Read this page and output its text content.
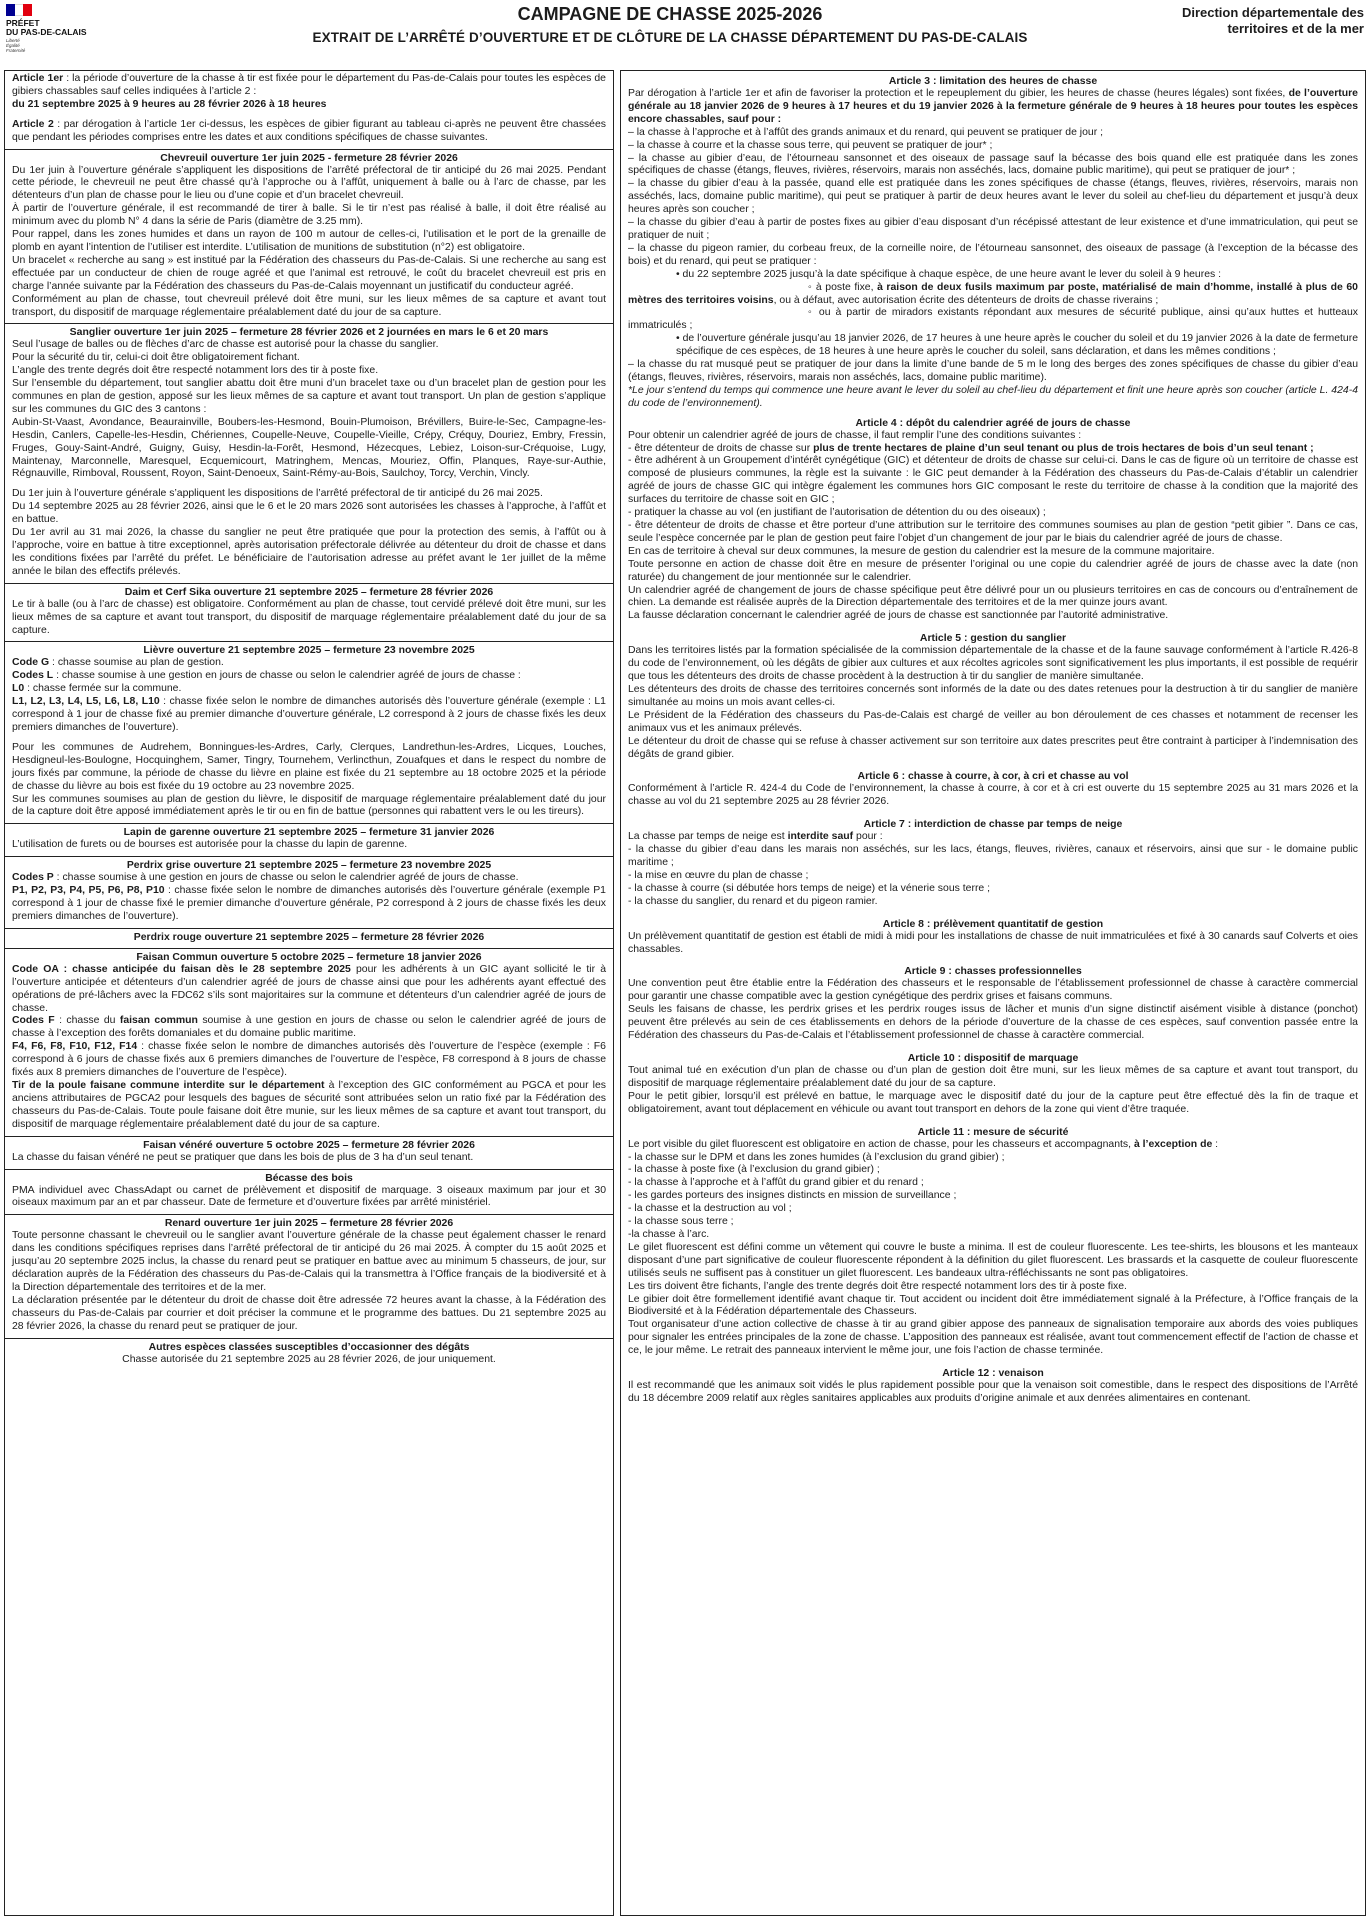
PRÉFET
DU PAS-DE-CALAIS
Liberté
Égalité
Fraternité
CAMPAGNE DE CHASSE 2025-2026
EXTRAIT DE L’ARRÊTÉ D’OUVERTURE ET DE CLÔTURE DE LA CHASSE DÉPARTEMENT DU PAS-DE-CALAIS
Direction départementale des territoires et de la mer

Article 1er : la période d’ouverture de la chasse à tir est fixée pour le département du Pas-de-Calais pour toutes les espèces de gibiers chassables sauf celles indiquées à l’article 2 :
du 21 septembre 2025 à 9 heures au 28 février 2026 à 18 heures

Article 2 : par dérogation à l’article 1er ci-dessus, les espèces de gibier figurant au tableau ci-après ne peuvent être chassées que pendant les périodes comprises entre les dates et aux conditions spécifiques de chasse suivantes.

Chevreuil ouverture 1er juin 2025 - fermeture 28 février 2026

Du 1er juin à l’ouverture générale s’appliquent les dispositions de l’arrêté préfectoral de tir anticipé du 26 mai 2025. Pendant cette période, le chevreuil ne peut être chassé qu’à l’approche ou à l’affût, uniquement à balle ou à l’arc de chasse, par les détenteurs d’un plan de chasse pour le lieu ou d’une copie et d’un bracelet chevreuil.

À partir de l’ouverture générale, il est recommandé de tirer à balle. Si le tir n’est pas réalisé à balle, il doit être réalisé au minimum avec du plomb N° 4 dans la série de Paris (diamètre de 3.25 mm).

Pour rappel, dans les zones humides et dans un rayon de 100 m autour de celles-ci, l’utilisation et le port de la grenaille de plomb en ayant l’intention de l’utiliser est interdite. L’utilisation de munitions de substitution (n°2) est obligatoire.

Un bracelet « recherche au sang » est institué par la Fédération des chasseurs du Pas-de-Calais. Si une recherche au sang est effectuée par un conducteur de chien de rouge agréé et que l’animal est retrouvé, le coût du bracelet chevreuil est pris en charge l’année suivante par la Fédération des chasseurs du Pas-de-Calais moyennant un justificatif du conducteur agréé.

Conformément au plan de chasse, tout chevreuil prélevé doit être muni, sur les lieux mêmes de sa capture et avant tout transport, du dispositif de marquage réglementaire préalablement daté du jour de sa capture.

Sanglier ouverture 1er juin 2025 – fermeture 28 février 2026 et 2 journées en mars le 6 et 20 mars

Seul l’usage de balles ou de flèches d’arc de chasse est autorisé pour la chasse du sanglier.

Pour la sécurité du tir, celui-ci doit être obligatoirement fichant.

L’angle des trente degrés doit être respecté notamment lors des tir à poste fixe.

Sur l’ensemble du département, tout sanglier abattu doit être muni d’un bracelet taxe ou d’un bracelet plan de gestion pour les communes en plan de gestion, apposé sur les lieux mêmes de sa capture et avant tout transport. Un plan de gestion s’applique sur les communes du GIC des 3 cantons :

Aubin-St-Vaast, Avondance, Beaurainville, Boubers-les-Hesmond, Bouin-Plumoison, Brévillers, Buire-le-Sec, Campagne-les-Hesdin, Canlers, Capelle-les-Hesdin, Chériennes, Coupelle-Neuve, Coupelle-Vieille, Crépy, Créquy, Douriez, Embry, Fressin, Fruges, Gouy-Saint-André, Guigny, Guisy, Hesdin-la-Forêt, Hesmond, Hézecques, Lebiez, Loison-sur-Créquoise, Lugy, Maintenay, Marconnelle, Maresquel, Ecquemicourt, Matringhem, Mencas, Mouriez, Offin, Planques, Raye-sur-Authie, Régnauville, Rimboval, Roussent, Royon, Saint-Denoeux, Saint-Rémy-au-Bois, Saulchoy, Torcy, Verchin, Vincly.

Du 1er juin à l’ouverture générale s’appliquent les dispositions de l’arrêté préfectoral de tir anticipé du 26 mai 2025.

Du 14 septembre 2025 au 28 février 2026, ainsi que le 6 et le 20 mars 2026 sont autorisées les chasses à l’approche, à l’affût et en battue.

Du 1er avril au 31 mai 2026, la chasse du sanglier ne peut être pratiquée que pour la protection des semis, à l’affût ou à l’approche, voire en battue à titre exceptionnel, après autorisation préfectorale délivrée au détenteur du droit de chasse et dans les conditions fixées par l’arrêté du préfet. Le bénéficiaire de l’autorisation adresse au préfet avant le 1er juillet de la même année le bilan des effectifs prélevés.

Daim et Cerf Sika ouverture 21 septembre 2025 – fermeture 28 février 2026

Le tir à balle (ou à l’arc de chasse) est obligatoire. Conformément au plan de chasse, tout cervidé prélevé doit être muni, sur les lieux mêmes de sa capture et avant tout transport, du dispositif de marquage réglementaire préalablement daté du jour de sa capture.

Lièvre ouverture 21 septembre 2025 – fermeture 23 novembre 2025

Code G : chasse soumise au plan de gestion.

Codes L : chasse soumise à une gestion en jours de chasse ou selon le calendrier agréé de jours de chasse :

L0 : chasse fermée sur la commune.

L1, L2, L3, L4, L5, L6, L8, L10 : chasse fixée selon le nombre de dimanches autorisés dès l’ouverture générale (exemple : L1 correspond à 1 jour de chasse fixé au premier dimanche d’ouverture générale, L2 correspond à 2 jours de chasse fixés les deux premiers dimanches de l’ouverture).

Pour les communes de Audrehem, Bonningues-les-Ardres, Carly, Clerques, Landrethun-les-Ardres, Licques, Louches, Hesdigneul-les-Boulogne, Hocquinghem, Samer, Tingry, Tournehem, Verlincthun, Zouafques et dans le respect du nombre de jours fixés par commune, la période de chasse du lièvre en plaine est fixée du 21 septembre au 18 octobre 2025 et la période de chasse du lièvre au bois est fixée du 19 octobre au 23 novembre 2025.

Sur les communes soumises au plan de gestion du lièvre, le dispositif de marquage réglementaire préalablement daté du jour de la capture doit être apposé immédiatement après le tir ou en fin de battue (personnes qui rabattent vers le ou les tireurs).

Lapin de garenne ouverture 21 septembre 2025 – fermeture 31 janvier 2026

L’utilisation de furets ou de bourses est autorisée pour la chasse du lapin de garenne.

Perdrix grise ouverture 21 septembre 2025 – fermeture 23 novembre 2025

Codes P : chasse soumise à une gestion en jours de chasse ou selon le calendrier agréé de jours de chasse.

P1, P2, P3, P4, P5, P6, P8, P10 : chasse fixée selon le nombre de dimanches autorisés dès l’ouverture générale (exemple P1 correspond à 1 jour de chasse fixé le premier dimanche d’ouverture générale, P2 correspond à 2 jours de chasse fixés les deux premiers dimanches de l’ouverture).

Perdrix rouge ouverture 21 septembre 2025 – fermeture 28 février 2026
Faisan Commun ouverture 5 octobre 2025 – fermeture 18 janvier 2026

Code OA : chasse anticipée du faisan dès le 28 septembre 2025 pour les adhérents à un GIC ayant sollicité le tir à l’ouverture anticipée et détenteurs d’un calendrier agréé de jours de chasse ainsi que pour les adhérents ayant effectué des opérations de pré-lâchers avec la FDC62 s’ils sont majoritaires sur la commune et détenteurs d’un calendrier agréé de jours de chasse.

Codes F : chasse du faisan commun soumise à une gestion en jours de chasse ou selon le calendrier agréé de jours de chasse à l’exception des forêts domaniales et du domaine public maritime.

F4, F6, F8, F10, F12, F14 : chasse fixée selon le nombre de dimanches autorisés dès l’ouverture de l’espèce (exemple : F6 correspond à 6 jours de chasse fixés aux 6 premiers dimanches de l’ouverture de l’espèce, F8 correspond à 8 jours de chasse fixés aux 8 premiers dimanches de l’ouverture de l’espèce).

Tir de la poule faisane commune interdite sur le département à l’exception des GIC conformément au PGCA et pour les anciens attributaires de PGCA2 pour lesquels des bagues de sécurité sont attribuées selon un ratio fixé par la Fédération des chasseurs du Pas-de-Calais. Toute poule faisane doit être munie, sur les lieux mêmes de sa capture et avant tout transport, du dispositif de marquage réglementaire préalablement daté du jour de sa capture.

Faisan vénéré ouverture 5 octobre 2025 – fermeture 28 février 2026

La chasse du faisan vénéré ne peut se pratiquer que dans les bois de plus de 3 ha d’un seul tenant.

Bécasse des bois

PMA individuel avec ChassAdapt ou carnet de prélèvement et dispositif de marquage. 3 oiseaux maximum par jour et 30 oiseaux maximum par an et par chasseur. Date de fermeture et d’ouverture fixées par arrêté ministériel.

Renard ouverture 1er juin 2025 – fermeture 28 février 2026

Toute personne chassant le chevreuil ou le sanglier avant l’ouverture générale de la chasse peut également chasser le renard dans les conditions spécifiques reprises dans l’arrêté préfectoral de tir anticipé du 26 mai 2025. À compter du 15 août 2025 et jusqu’au 20 septembre 2025 inclus, la chasse du renard peut se pratiquer en battue avec au minimum 5 chasseurs, de jour, sur déclaration auprès de la Fédération des chasseurs du Pas-de-Calais qui la transmettra à l’Office français de la biodiversité et à la Direction départementale des territoires et de la mer.

La déclaration présentée par le détenteur du droit de chasse doit être adressée 72 heures avant la chasse, à la Fédération des chasseurs du Pas-de-Calais par courrier et doit préciser la commune et le programme des battues. Du 21 septembre 2025 au 28 février 2026, la chasse du renard peut se pratiquer de jour.

Autres espèces classées susceptibles d’occasionner des dégâts

Chasse autorisée du 21 septembre 2025 au 28 février 2026, de jour uniquement.

Article 3 : limitation des heures de chasse

Par dérogation à l’article 1er et afin de favoriser la protection et le repeuplement du gibier, les heures de chasse (heures légales) sont fixées, de l’ouverture générale au 18 janvier 2026 de 9 heures à 17 heures et du 19 janvier 2026 à la fermeture générale de 9 heures à 18 heures pour toutes les espèces encore chassables, sauf pour :

– la chasse à l’approche et à l’affût des grands animaux et du renard, qui peuvent se pratiquer de jour ;

– la chasse à courre et la chasse sous terre, qui peuvent se pratiquer de jour* ;

– la chasse au gibier d’eau, de l’étourneau sansonnet et des oiseaux de passage sauf la bécasse des bois quand elle est pratiquée dans les zones spécifiques de chasse (étangs, fleuves, rivières, réservoirs, marais non asséchés, lacs, domaine public maritime), qui peut se pratiquer de jour* ;

– la chasse du gibier d’eau à la passée, quand elle est pratiquée dans les zones spécifiques de chasse (étangs, fleuves, rivières, réservoirs, marais non asséchés, lacs, domaine public maritime), qui peut se pratiquer à partir de deux heures avant le lever du soleil au chef-lieu du département et jusqu’à deux heures après son coucher ;

– la chasse du gibier d’eau à partir de postes fixes au gibier d’eau disposant d’un récépissé attestant de leur existence et d’une immatriculation, qui peut se pratiquer de nuit ;

– la chasse du pigeon ramier, du corbeau freux, de la corneille noire, de l’étourneau sansonnet, des oiseaux de passage (à l’exception de la bécasse des bois) et du renard, qui peut se pratiquer :

• du 22 septembre 2025 jusqu’à la date spécifique à chaque espèce, de une heure avant le lever du soleil à 9 heures :

◦ à poste fixe, à raison de deux fusils maximum par poste, matérialisé de main d’homme, installé à plus de 60 mètres des territoires voisins, ou à défaut, avec autorisation écrite des détenteurs de droits de chasse riverains ;

◦ ou à partir de miradors existants répondant aux mesures de sécurité publique, ainsi qu’aux huttes et hutteaux immatriculés ;

• de l’ouverture générale jusqu’au 18 janvier 2026, de 17 heures à une heure après le coucher du soleil et du 19 janvier 2026 à la date de fermeture spécifique de ces espèces, de 18 heures à une heure après le coucher du soleil, sans déclaration, et dans les mêmes conditions ;

– la chasse du rat musqué peut se pratiquer de jour dans la limite d’une bande de 5 m le long des berges des zones spécifiques de chasse du gibier d’eau (étangs, fleuves, rivières, réservoirs, marais non asséchés, lacs, domaine public maritime).

*Le jour s’entend du temps qui commence une heure avant le lever du soleil au chef-lieu du département et finit une heure après son coucher (article L. 424-4 du code de l’environnement).

Article 4 : dépôt du calendrier agréé de jours de chasse

Pour obtenir un calendrier agréé de jours de chasse, il faut remplir l’une des conditions suivantes :

- être détenteur de droits de chasse sur plus de trente hectares de plaine d’un seul tenant ou plus de trois hectares de bois d’un seul tenant ;

- être adhérent à un Groupement d’intérêt cynégétique (GIC) et détenteur de droits de chasse sur celui-ci. Dans le cas de figure où un territoire de chasse est composé de plusieurs communes, la règle est la suivante : le GIC peut demander à la Fédération des chasseurs du Pas-de-Calais d’établir un calendrier agréé de jours de chasse GIC qui intègre également les communes hors GIC composant le reste du territoire de chasse à la condition que la majorité des surfaces du territoire de chasse soit en GIC ;

- pratiquer la chasse au vol (en justifiant de l’autorisation de détention du ou des oiseaux) ;

- être détenteur de droits de chasse et être porteur d’une attribution sur le territoire des communes soumises au plan de gestion “petit gibier ”. Dans ce cas, seule l’espèce concernée par le plan de gestion peut faire l’objet d’un changement de jour par le biais du calendrier agréé de jours de chasse.

En cas de territoire à cheval sur deux communes, la mesure de gestion du calendrier est la mesure de la commune majoritaire.

Toute personne en action de chasse doit être en mesure de présenter l’original ou une copie du calendrier agréé de jours de chasse avec la date (non raturée) du changement de jour mentionnée sur le calendrier.

Un calendrier agréé de changement de jours de chasse spécifique peut être délivré pour un ou plusieurs territoires en cas de concours ou d’entraînement de chien. La demande est réalisée auprès de la Direction départementale des territoires et de la mer quinze jours avant.

La fausse déclaration concernant le calendrier agréé de jours de chasse est sanctionnée par l’autorité administrative.

Article 5 : gestion du sanglier

Dans les territoires listés par la formation spécialisée de la commission départementale de la chasse et de la faune sauvage conformément à l’article R.426-8 du code de l’environnement, où les dégâts de gibier aux cultures et aux récoltes agricoles sont significativement les plus importants, il est possible de requérir que tous les détenteurs des droits de chasse procèdent à la destruction à tir du sanglier de manière simultanée.

Les détenteurs des droits de chasse des territoires concernés sont informés de la date ou des dates retenues pour la destruction à tir du sanglier de manière simultanée au moins un mois avant celles-ci.

Le Président de la Fédération des chasseurs du Pas-de-Calais est chargé de veiller au bon déroulement de ces chasses et notamment de recenser les animaux vus et les animaux prélevés.

Le détenteur du droit de chasse qui se refuse à chasser activement sur son territoire aux dates prescrites peut être contraint à participer à l’indemnisation des dégâts de grand gibier.

Article 6 : chasse à courre, à cor, à cri et chasse au vol

Conformément à l’article R. 424-4 du Code de l’environnement, la chasse à courre, à cor et à cri est ouverte du 15 septembre 2025 au 31 mars 2026 et la chasse au vol du 21 septembre 2025 au 28 février 2026.

Article 7 : interdiction de chasse par temps de neige

La chasse par temps de neige est interdite sauf pour :

- la chasse du gibier d’eau dans les marais non asséchés, sur les lacs, étangs, fleuves, rivières, canaux et réservoirs, ainsi que sur - le domaine public maritime ;

- la mise en œuvre du plan de chasse ;

- la chasse à courre (si débutée hors temps de neige) et la vénerie sous terre ;

- la chasse du sanglier, du renard et du pigeon ramier.

Article 8 : prélèvement quantitatif de gestion

Un prélèvement quantitatif de gestion est établi de midi à midi pour les installations de chasse de nuit immatriculées et fixé à 30 canards sauf Colverts et oies chassables.

Article 9 : chasses professionnelles

Une convention peut être établie entre la Fédération des chasseurs et le responsable de l’établissement professionnel de chasse à caractère commercial pour garantir une chasse compatible avec la gestion cynégétique des perdrix grises et faisans communs.

Seuls les faisans de chasse, les perdrix grises et les perdrix rouges issus de lâcher et munis d’un signe distinctif aisément visible à distance (ponchot) peuvent être prélevés au sein de ces établissements en dehors de la période d’ouverture de la chasse de ces espèces, sauf convention passée entre la Fédération des chasseurs du Pas-de-Calais et l’établissement professionnel de chasse à caractère commercial.

Article 10 : dispositif de marquage

Tout animal tué en exécution d’un plan de chasse ou d’un plan de gestion doit être muni, sur les lieux mêmes de sa capture et avant tout transport, du dispositif de marquage réglementaire préalablement daté du jour de sa capture.

Pour le petit gibier, lorsqu’il est prélevé en battue, le marquage avec le dispositif daté du jour de la capture peut être effectué dès la fin de traque et obligatoirement, avant tout déplacement en véhicule ou avant tout transport en dehors de la zone qui vient d’être traquée.

Article 11 : mesure de sécurité

Le port visible du gilet fluorescent est obligatoire en action de chasse, pour les chasseurs et accompagnants, à l’exception de :

- la chasse sur le DPM et dans les zones humides (à l’exclusion du grand gibier) ;

- la chasse à poste fixe (à l’exclusion du grand gibier) ;

- la chasse à l’approche et à l’affût du grand gibier et du renard ;

- les gardes porteurs des insignes distincts en mission de surveillance ;

- la chasse et la destruction au vol ;

- la chasse sous terre ;

-la chasse à l’arc.

Le gilet fluorescent est défini comme un vêtement qui couvre le buste a minima. Il est de couleur fluorescente. Les tee-shirts, les blousons et les manteaux disposant d’une part significative de couleur fluorescente répondent à la définition du gilet fluorescent. Les brassards et la casquette de couleur fluorescente utilisés seuls ne suffisent pas à constituer un gilet fluorescent. Les bandeaux ultra-réfléchissants ne sont pas obligatoires.

Les tirs doivent être fichants, l’angle des trente degrés doit être respecté notamment lors des tir à poste fixe.

Le gibier doit être formellement identifié avant chaque tir. Tout accident ou incident doit être immédiatement signalé à la Préfecture, à l’Office français de la Biodiversité et à la Fédération départementale des Chasseurs.

Tout organisateur d’une action collective de chasse à tir au grand gibier appose des panneaux de signalisation temporaire aux abords des voies publiques pour signaler les entrées principales de la zone de chasse. L’apposition des panneaux est réalisée, avant tout commencement effectif de l’action de chasse et ce, le jour même. Le retrait des panneaux intervient le même jour, une fois l’action de chasse terminée.

Article 12 : venaison

Il est recommandé que les animaux soit vidés le plus rapidement possible pour que la venaison soit comestible, dans le respect des dispositions de l’Arrêté du 18 décembre 2009 relatif aux règles sanitaires applicables aux produits d’origine animale et aux denrées alimentaires en contenant.
